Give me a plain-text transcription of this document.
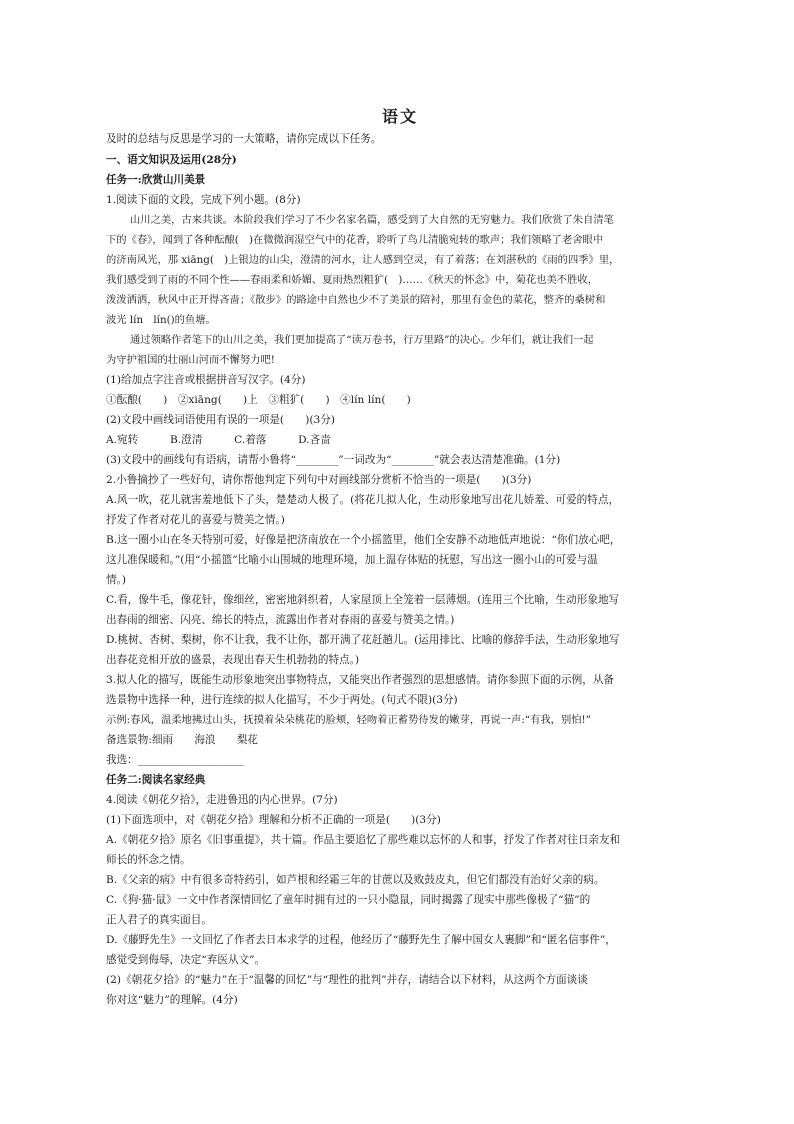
语文
及时的总结与反思是学习的一大策略，请你完成以下任务。
一、语文知识及运用(28分)
任务一:欣赏山川美景
1.阅读下面的文段，完成下列小题。(8分)
山川之美，古来共谈。本阶段我们学习了不少名家名篇，感受到了大自然的无穷魅力。我们欣赏了朱自清笔
下的《春》，闻到了各种酝酿(　)在微微润湿空气中的花香，聆听了鸟儿清脆宛转的歌声；我们领略了老舍眼中
的济南风光，那 xiāng(　)上银边的山尖，澄清的河水，让人感到空灵，有了着落；在刘湛秋的《雨的四季》里，
我们感受到了雨的不同个性——春雨柔和娇媚、夏雨热烈粗犷(　)……《秋天的怀念》中，菊花也美不胜收，
泼泼洒洒，秋风中正开得吝啬；《散步》的路途中自然也少不了美景的陪衬，那里有金色的菜花，整齐的桑树和
波光 lín　lín()的鱼塘。
通过领略作者笔下的山川之美，我们更加提高了“读万卷书，行万里路”的决心。少年们，就让我们一起
为守护祖国的壮丽山河而不懈努力吧!
(1)给加点字注音或根据拼音写汉字。(4分)
①酝酿(　　)　②xiāng(　　)上　③粗犷(　　)　④lín lín(　　)
(2)文段中画线词语使用有误的一项是(　　)(3分)
A.宛转　　　B.澄清　　　C.着落　　　D.吝啬
(3)文段中的画线句有语病，请帮小鲁将“________”一词改为“________”就会表达清楚准确。(1分)
2.小鲁摘抄了一些好句，请你帮他判定下列句中对画线部分赏析不恰当的一项是(　　)(3分)
A.风一吹，花儿就害羞地低下了头，楚楚动人极了。(将花儿拟人化，生动形象地写出花儿娇羞、可爱的特点，
抒发了作者对花儿的喜爱与赞美之情。)
B.这一圈小山在冬天特别可爱，好像是把济南放在一个小摇篮里，他们全安静不动地低声地说：“你们放心吧，
这儿准保暖和。”(用“小摇篮”比喻小山围城的地理环境，加上温存体贴的抚慰，写出这一圈小山的可爱与温
情。)
C.看，像牛毛，像花针，像细丝，密密地斜织着，人家屋顶上全笼着一层薄烟。(连用三个比喻，生动形象地写
出春雨的细密、闪亮、绵长的特点，流露出作者对春雨的喜爱与赞美之情。)
D.桃树、杏树、梨树，你不让我，我不让你，都开满了花赶趟儿。(运用排比、比喻的修辞手法，生动形象地写
出春花竞相开放的盛景，表现出春天生机勃勃的特点。)
3.拟人化的描写，既能生动形象地突出事物特点，又能突出作者强烈的思想感情。请你参照下面的示例，从备
选景物中选择一种，进行连续的拟人化描写，不少于两处。(句式不限)(3分)
示例:春风，温柔地拂过山头，抚摸着朵朵桃花的脸颊，轻吻着正蓄势待发的嫩芽，再说一声:“有我，别怕!”
备选景物:细雨　　海浪　　梨花
我选：____________________
任务二:阅读名家经典
4.阅读《朝花夕拾》，走进鲁迅的内心世界。(7分)
(1)下面选项中，对《朝花夕拾》理解和分析不正确的一项是(　　)(3分)
A.《朝花夕拾》原名《旧事重提》，共十篇。作品主要追忆了那些难以忘怀的人和事，抒发了作者对往日亲友和
师长的怀念之情。
B.《父亲的病》中有很多奇特药引，如芦根和经霜三年的甘蔗以及败鼓皮丸，但它们都没有治好父亲的病。
C.《狗·猫·鼠》一文中作者深情回忆了童年时拥有过的一只小隐鼠，同时揭露了现实中那些像极了“猫”的
正人君子的真实面目。
D.《藤野先生》一文回忆了作者去日本求学的过程，他经历了“藤野先生了解中国女人裹脚”和“匿名信事件”，
感觉受到侮辱，决定“弃医从文”。
(2)《朝花夕拾》的“魅力”在于“温馨的回忆”与“理性的批判”并存，请结合以下材料，从这两个方面谈谈
你对这“魅力”的理解。(4分)
